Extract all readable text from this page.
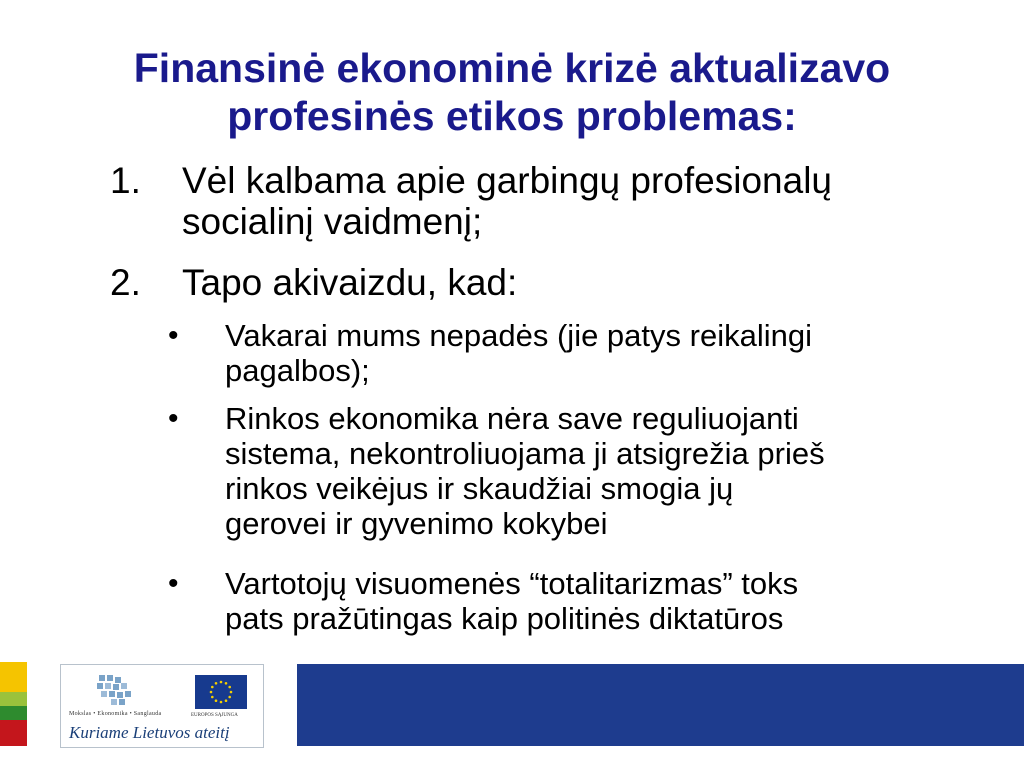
Finansinė ekonominė krizė aktualizavo
profesinės etikos problemas:
1. Vėl kalbama apie garbingų profesionalų
socialinį vaidmenį;
2. Tapo akivaizdu, kad:
• Vakarai mums nepadės (jie patys reikalingi
pagalbos);
• Rinkos ekonomika nėra save reguliuojanti
sistema, nekontroliuojama ji atsigrežia prieš
rinkos veikėjus ir skaudžiai smogia jų
gerovei ir gyvenimo kokybei
• Vartotojų visuomenės “totalitarizmas” toks
pats pražūtingas kaip politinės diktatūros
Mokslas • Ekonomika • Sanglauda	EUROPOS SĄJUNGA
Kuriame Lietuvos ateitį
